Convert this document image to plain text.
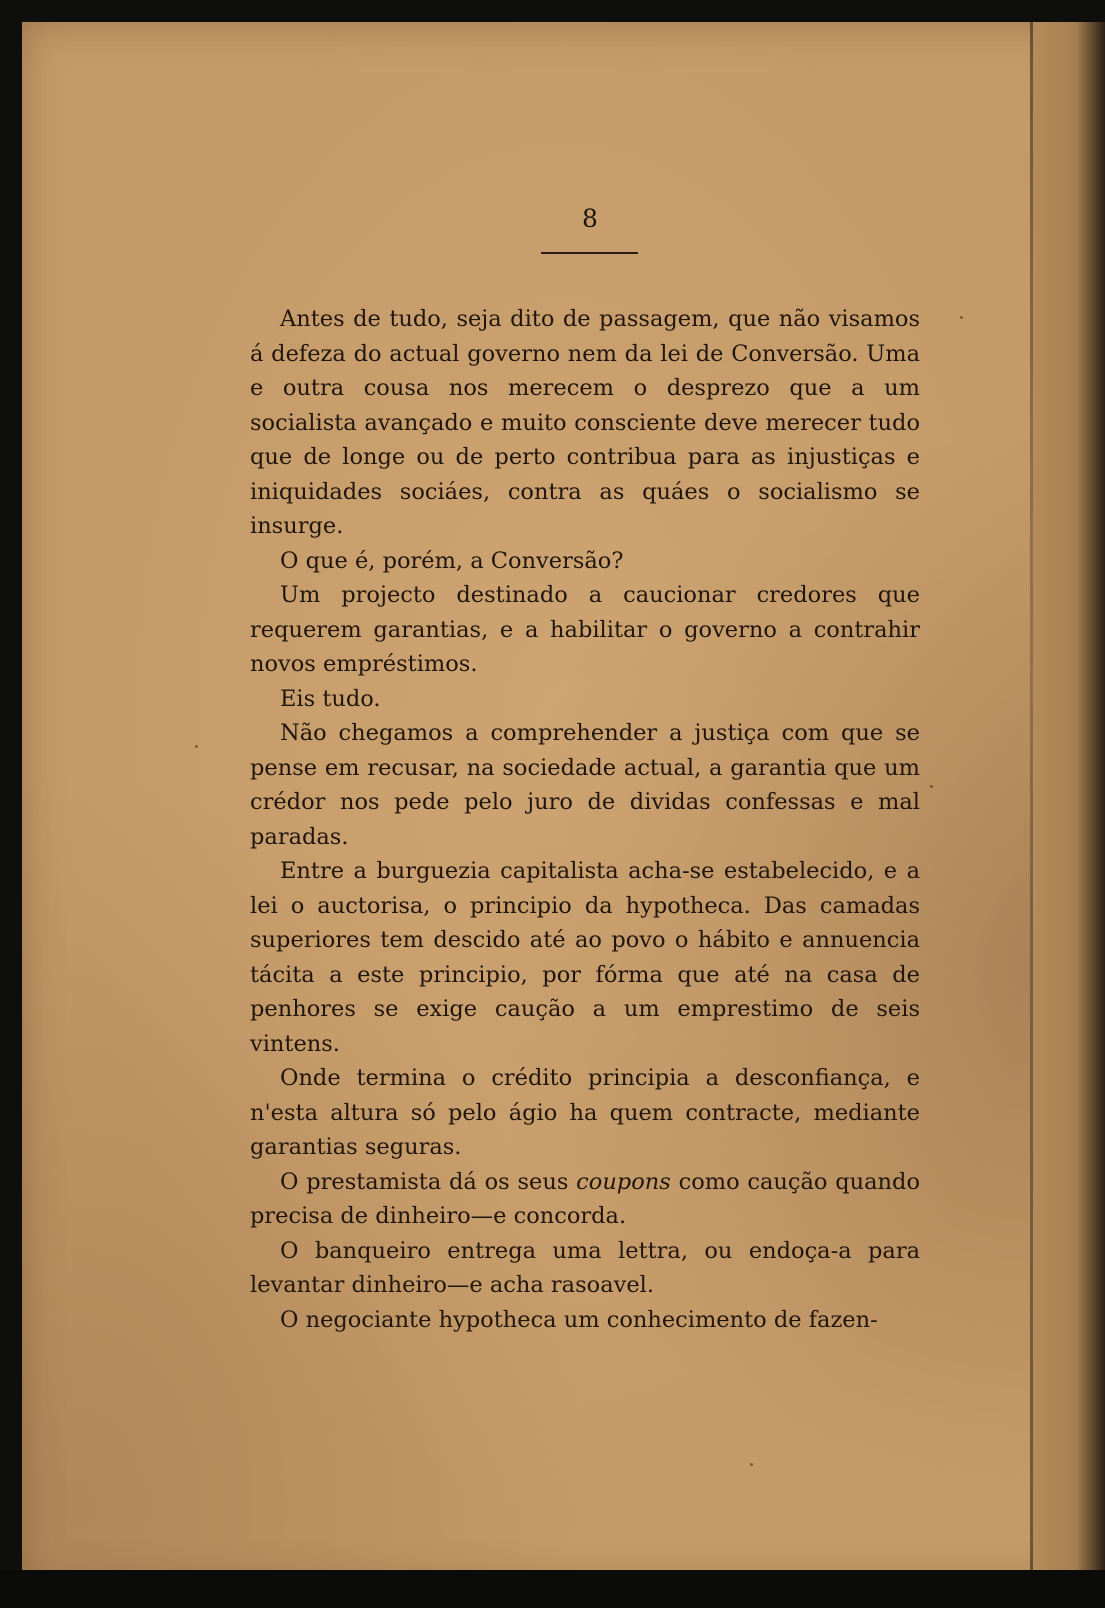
8

Antes de tudo, seja dito de passagem, que não visamos á defeza do actual governo nem da lei de Conversão. Uma e outra cousa nos merecem o desprezo que a um socialista avançado e muito consciente deve merecer tudo que de longe ou de perto contribua para as injustiças e iniquidades sociáes, contra as quáes o socialismo se insurge.

O que é, porém, a Conversão?

Um projecto destinado a caucionar credores que requerem garantias, e a habilitar o governo a contrahir novos empréstimos.

Eis tudo.

Não chegamos a comprehender a justiça com que se pense em recusar, na sociedade actual, a garantia que um crédor nos pede pelo juro de dividas confessas e mal paradas.

Entre a burguezia capitalista acha-se estabelecido, e a lei o auctorisa, o principio da hypotheca. Das camadas superiores tem descido até ao povo o hábito e annuencia tácita a este principio, por fórma que até na casa de penhores se exige caução a um emprestimo de seis vintens.

Onde termina o crédito principia a desconfiança, e n'esta altura só pelo ágio ha quem contracte, mediante garantias seguras.

O prestamista dá os seus coupons como caução quando precisa de dinheiro—e concorda.

O banqueiro entrega uma lettra, ou endoça-a para levantar dinheiro—e acha rasoavel.

O negociante hypotheca um conhecimento de fazen-
